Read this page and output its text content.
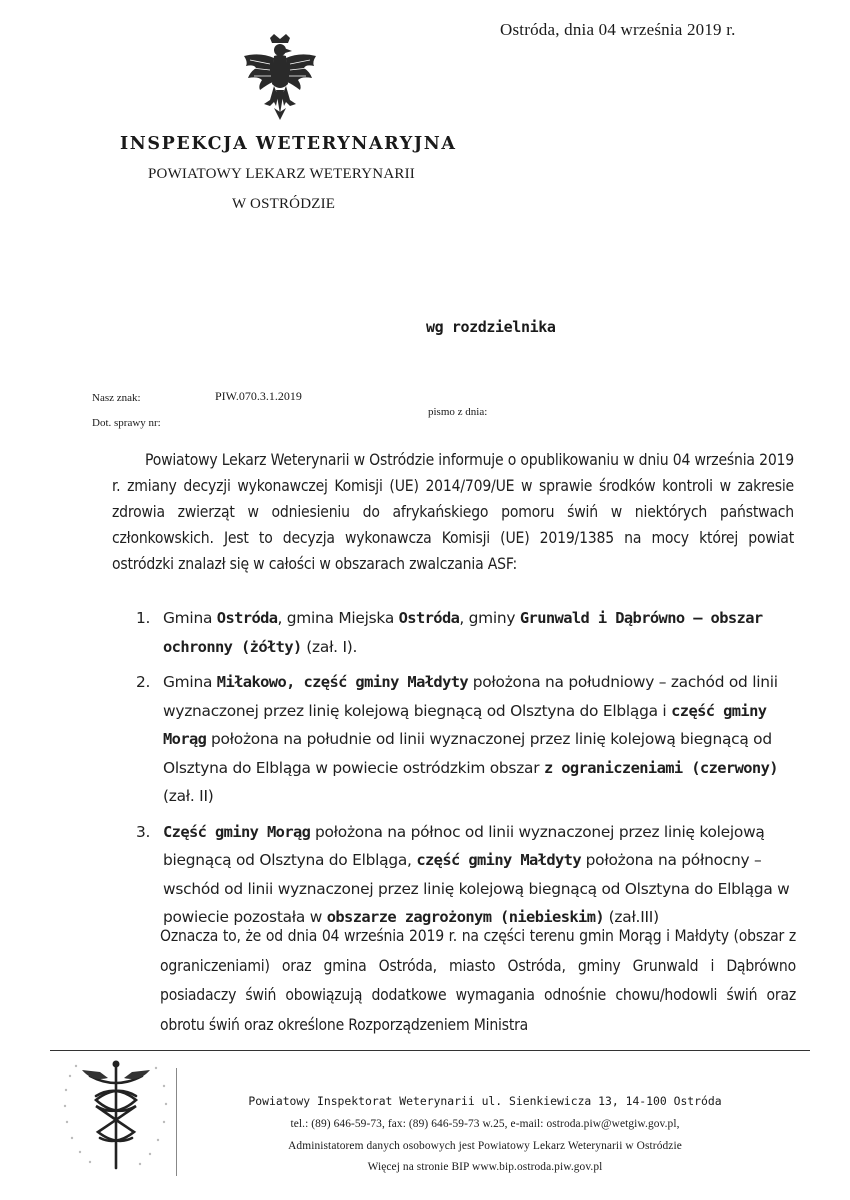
Ostróda, dnia 04 września 2019 r.
INSPEKCJA WETERYNARYJNA
POWIATOWY LEKARZ WETERYNARII
W OSTRÓDZIE
wg rozdzielnika
Nasz znak:	PIW.070.3.1.2019
Dot. sprawy nr:
pismo z dnia:
Powiatowy Lekarz Weterynarii w Ostródzie informuje o opublikowaniu w dniu 04 września 2019 r. zmiany decyzji wykonawczej Komisji (UE) 2014/709/UE w sprawie środków kontroli w zakresie zdrowia zwierząt w odniesieniu do afrykańskiego pomoru świń w niektórych państwach członkowskich. Jest to decyzja wykonawcza Komisji (UE) 2019/1385 na mocy której powiat ostródzki znalazł się w całości w obszarach zwalczania ASF:
1. Gmina Ostróda, gmina Miejska Ostróda, gminy Grunwald i Dąbrówno – obszar ochronny (żółty) (zał. I).
2. Gmina Miłakowo, część gminy Małdyty położona na południowy – zachód od linii wyznaczonej przez linię kolejową biegnącą od Olsztyna do Elbląga i część gminy Morąg położona na południe od linii wyznaczonej przez linię kolejową biegnącą od Olsztyna do Elbląga w powiecie ostródzkim obszar z ograniczeniami (czerwony) (zał. II)
3. Część gminy Morąg położona na północ od linii wyznaczonej przez linię kolejową biegnącą od Olsztyna do Elbląga, część gminy Małdyty położona na północny – wschód od linii wyznaczonej przez linię kolejową biegnącą od Olsztyna do Elbląga w powiecie pozostała w obszarze zagrożonym (niebieskim) (zał.III)
Oznacza to, że od dnia 04 września 2019 r. na części terenu gmin Morąg i Małdyty (obszar z ograniczeniami) oraz gmina Ostróda, miasto Ostróda, gminy Grunwald i Dąbrówno posiadaczy świń obowiązują dodatkowe wymagania odnośnie chowu/hodowli świń oraz obrotu świń oraz określone Rozporządzeniem Ministra
Powiatowy Inspektorat Weterynarii ul. Sienkiewicza 13, 14-100 Ostróda
tel.: (89) 646-59-73, fax: (89) 646-59-73 w.25, e-mail: ostroda.piw@wetgiw.gov.pl,
Administatorem danych osobowych jest Powiatowy Lekarz Weterynarii w Ostródzie
Więcej na stronie BIP www.bip.ostroda.piw.gov.pl
